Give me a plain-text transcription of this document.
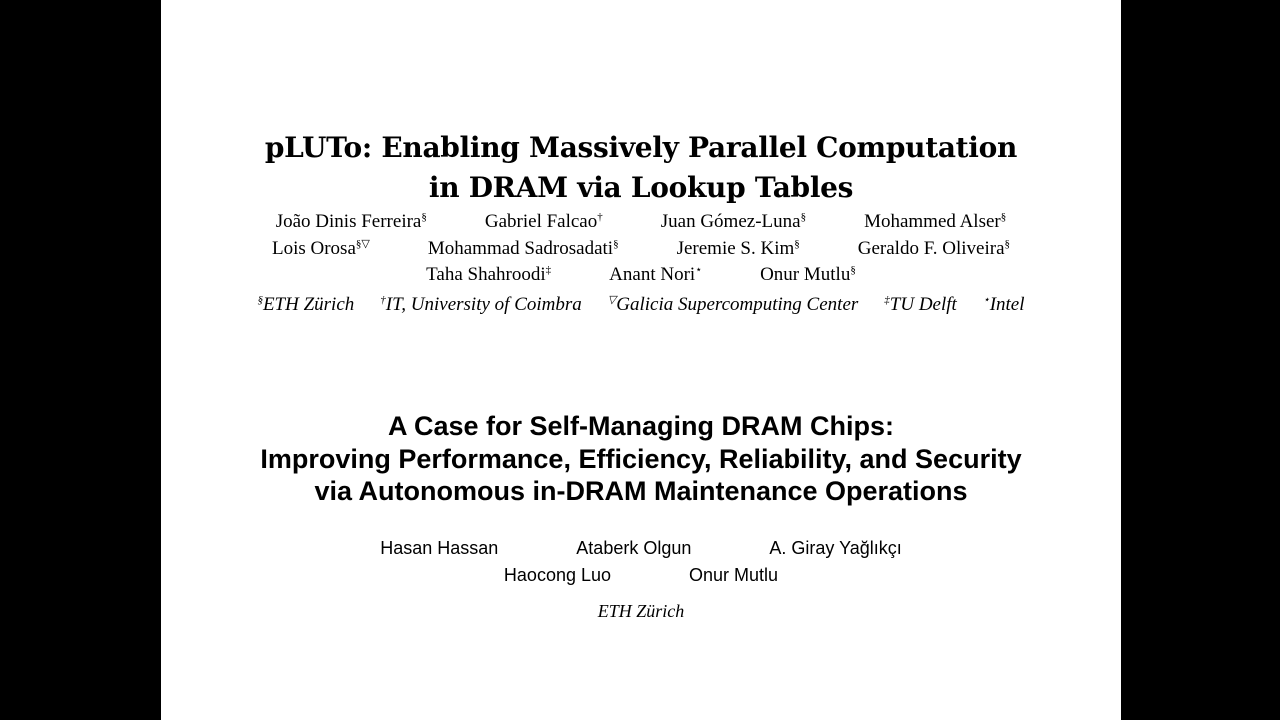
pLUTo: Enabling Massively Parallel Computation
in DRAM via Lookup Tables
João Dinis Ferreira§	Gabriel Falcao†	Juan Gómez-Luna§	Mohammed Alser§
Lois Orosa§▽	Mohammad Sadrosadati§	Jeremie S. Kim§	Geraldo F. Oliveira§
Taha Shahroodi‡	Anant Nori⋆	Onur Mutlu§
§ETH Zürich †IT, University of Coimbra ▽Galicia Supercomputing Center ‡TU Delft ⋆Intel
A Case for Self-Managing DRAM Chips:
Improving Performance, Efficiency, Reliability, and Security
via Autonomous in-DRAM Maintenance Operations
Hasan Hassan	Ataberk Olgun	A. Giray Yağlıkçı
Haocong Luo	Onur Mutlu
ETH Zürich
